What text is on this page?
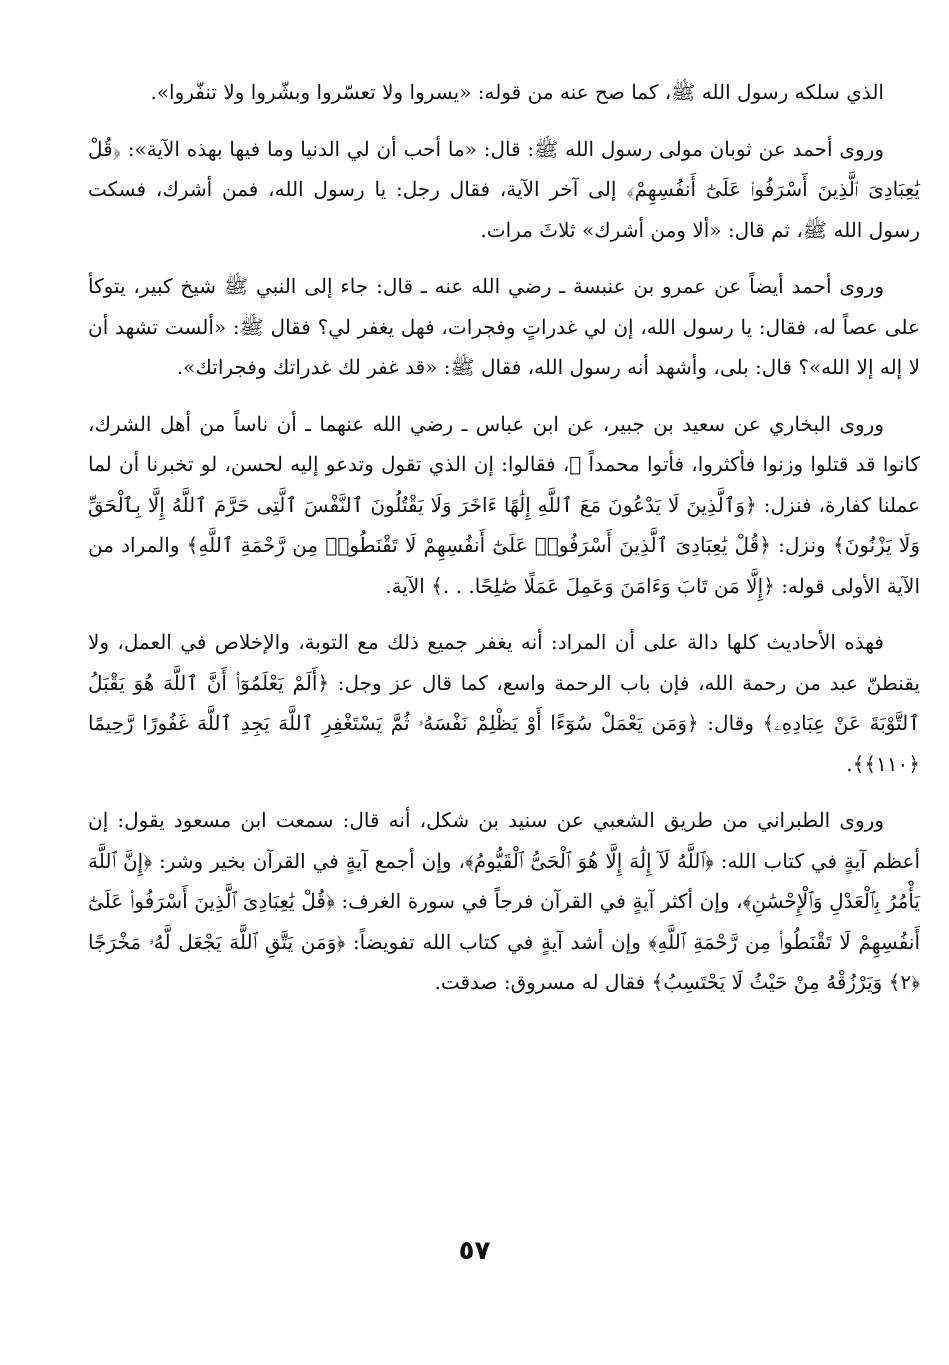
الذي سلكه رسول الله ﷺ، كما صح عنه من قوله: «يسروا ولا تعسّروا وبشّروا ولا تنفّروا».

وروى أحمد عن ثوبان مولى رسول الله ﷺ: قال: «ما أحب أن لي الدنيا وما فيها بهذه الآية»: ﴿قُلْ يَٰعِبَادِىَ ٱلَّذِينَ أَسْرَفُوا۟ عَلَىٰٓ أَنفُسِهِمْ﴾ إلى آخر الآية، فقال رجل: يا رسول الله، فمن أشرك، فسكت رسول الله ﷺ، ثم قال: «ألا ومن أشرك» ثلاثَ مرات.

وروى أحمد أيضاً عن عمرو بن عنبسة ـ رضي الله عنه ـ قال: جاء إلى النبي ﷺ شيخ كبير، يتوكأ على عصاً له، فقال: يا رسول الله، إن لي غدراتٍ وفجرات، فهل يغفر لي؟ فقال ﷺ: «ألست تشهد أن لا إله إلا الله»؟ قال: بلى، وأشهد أنه رسول الله، فقال ﷺ: «قد غفر لك غدراتك وفجراتك».

وروى البخاري عن سعيد بن جبير، عن ابن عباس ـ رضي الله عنهما ـ أن ناساً من أهل الشرك، كانوا قد قتلوا وزنوا فأكثروا، فأتوا محمداً ﷺ، فقالوا: إن الذي تقول وتدعو إليه لحسن، لو تخبرنا أن لما عملنا كفارة، فنزل: ﴿وَٱلَّذِينَ لَا يَدْعُونَ مَعَ ٱللَّهِ إِلَٰهًا ءَاخَرَ وَلَا يَقْتُلُونَ ٱلنَّفْسَ ٱلَّتِى حَرَّمَ ٱللَّهُ إِلَّا بِٱلْحَقِّ وَلَا يَزْنُونَ﴾ ونزل: ﴿قُلْ يَٰعِبَادِىَ ٱلَّذِينَ أَسْرَفُوا۟ عَلَىٰٓ أَنفُسِهِمْ لَا تَقْنَطُوا۟ مِن رَّحْمَةِ ٱللَّهِ﴾ والمراد من الآية الأولى قوله: ﴿إِلَّا مَن تَابَ وَءَامَنَ وَعَمِلَ عَمَلًا صَٰلِحًا. . .﴾ الآية.

فهذه الأحاديث كلها دالة على أن المراد: أنه يغفر جميع ذلك مع التوبة، والإخلاص في العمل، ولا يقنطنّ عبد من رحمة الله، فإن باب الرحمة واسع، كما قال عز وجل: ﴿أَلَمْ يَعْلَمُوٓا۟ أَنَّ ٱللَّهَ هُوَ يَقْبَلُ ٱلتَّوْبَةَ عَنْ عِبَادِهِۦ﴾ وقال: ﴿وَمَن يَعْمَلْ سُوٓءًا أَوْ يَظْلِمْ نَفْسَهُۥ ثُمَّ يَسْتَغْفِرِ ٱللَّهَ يَجِدِ ٱللَّهَ غَفُورًا رَّحِيمًا ﴿١١٠﴾﴾.

وروى الطبراني من طريق الشعبي عن سنيد بن شكل، أنه قال: سمعت ابن مسعود يقول: إن أعظم آيةٍ في كتاب الله: ﴿ٱللَّهُ لَآ إِلَٰهَ إِلَّا هُوَ ٱلْحَىُّ ٱلْقَيُّومُ﴾، وإن أجمع آيةٍ في القرآن بخير وشر: ﴿إِنَّ ٱللَّهَ يَأْمُرُ بِٱلْعَدْلِ وَٱلْإِحْسَٰنِ﴾، وإن أكثر آيةٍ في القرآن فرجاً في سورة الغرف: ﴿قُلْ يَٰعِبَادِىَ ٱلَّذِينَ أَسْرَفُوا۟ عَلَىٰٓ أَنفُسِهِمْ لَا تَقْنَطُوا۟ مِن رَّحْمَةِ ٱللَّهِ﴾ وإن أشد آيةٍ في كتاب الله تفويضاً: ﴿وَمَن يَتَّقِ ٱللَّهَ يَجْعَل لَّهُۥ مَخْرَجًا ﴿٢﴾ وَيَرْزُقْهُ مِنْ حَيْثُ لَا يَحْتَسِبُ﴾ فقال له مسروق: صدقت.

٥٧
